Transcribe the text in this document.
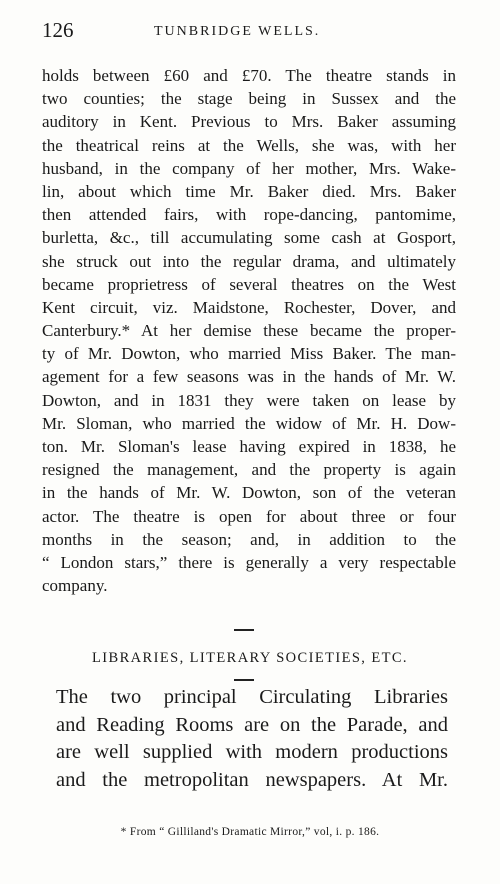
126	TUNBRIDGE WELLS.
holds between £60 and £70. The theatre stands in
two counties; the stage being in Sussex and the
auditory in Kent. Previous to Mrs. Baker assuming
the theatrical reins at the Wells, she was, with her
husband, in the company of her mother, Mrs. Wake-
lin, about which time Mr. Baker died. Mrs. Baker
then attended fairs, with rope-dancing, pantomime,
burletta, &c., till accumulating some cash at Gosport,
she struck out into the regular drama, and ultimately
became proprietress of several theatres on the West
Kent circuit, viz. Maidstone, Rochester, Dover, and
Canterbury.* At her demise these became the proper-
ty of Mr. Dowton, who married Miss Baker. The man-
agement for a few seasons was in the hands of Mr. W.
Dowton, and in 1831 they were taken on lease by
Mr. Sloman, who married the widow of Mr. H. Dow-
ton. Mr. Sloman's lease having expired in 1838, he
resigned the management, and the property is again
in the hands of Mr. W. Dowton, son of the veteran
actor. The theatre is open for about three or four
months in the season; and, in addition to the
“ London stars,” there is generally a very respectable
company.
LIBRARIES, LITERARY SOCIETIES, ETC.
The two principal Circulating Libraries
and Reading Rooms are on the Parade, and
are well supplied with modern productions
and the metropolitan newspapers. At Mr.
* From “ Gilliland's Dramatic Mirror,” vol, i. p. 186.
